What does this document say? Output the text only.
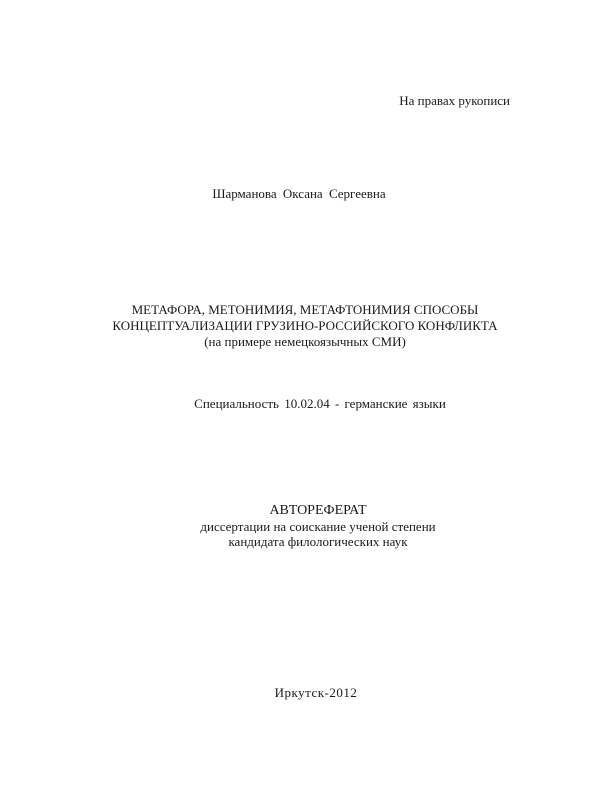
На правах рукописи
Шарманова Оксана Сергеевна
МЕТАФОРА, МЕТОНИМИЯ, МЕТАФТОНИМИЯ СПОСОБЫ
КОНЦЕПТУАЛИЗАЦИИ ГРУЗИНО-РОССИЙСКОГО КОНФЛИКТА
(на примере немецкоязычных СМИ)
Специальность 10.02.04 - германские языки
АВТОРЕФЕРАТ
диссертации на соискание ученой степени
кандидата филологических наук
Иркутск-2012
